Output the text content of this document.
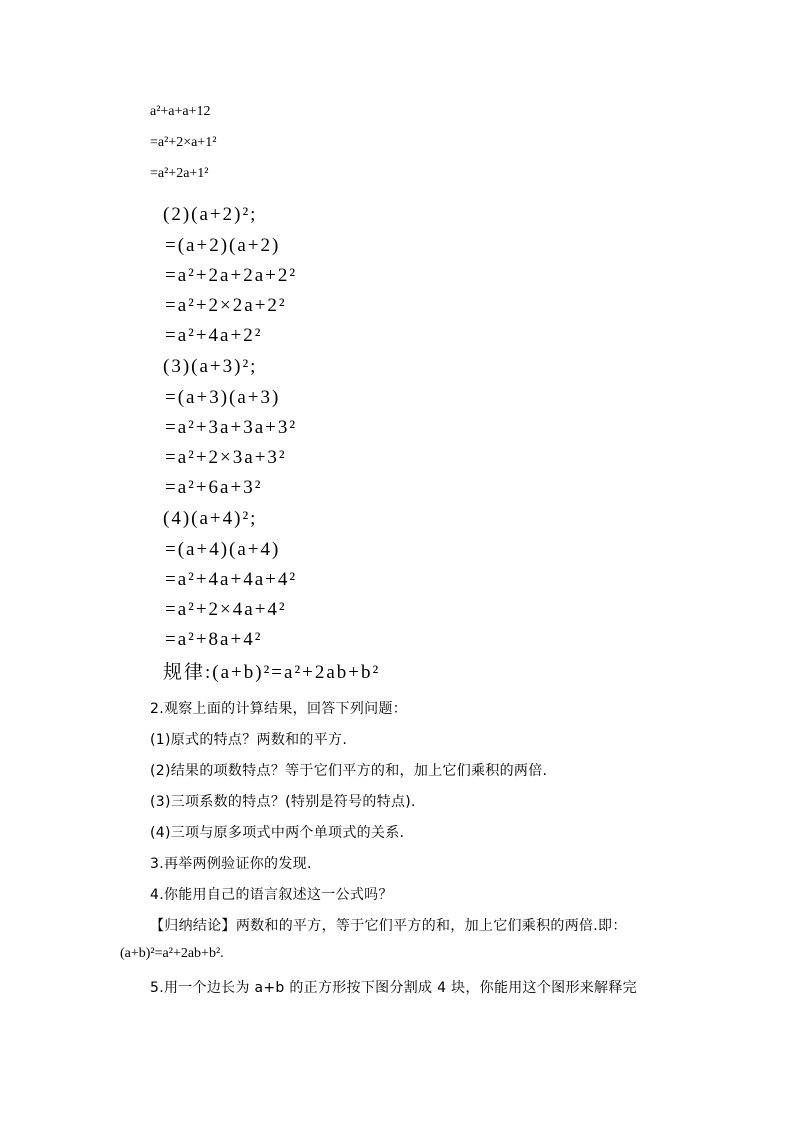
a²+a+a+12
=a²+2×a+1²
=a²+2a+1²
(2)(a+2)²;
=(a+2)(a+2)
=a²+2a+2a+2²
=a²+2×2a+2²
=a²+4a+2²
(3)(a+3)²;
=(a+3)(a+3)
=a²+3a+3a+3²
=a²+2×3a+3²
=a²+6a+3²
(4)(a+4)²;
=(a+4)(a+4)
=a²+4a+4a+4²
=a²+2×4a+4²
=a²+8a+4²
规律:(a+b)²=a²+2ab+b²
2.观察上面的计算结果，回答下列问题：
(1)原式的特点？两数和的平方.
(2)结果的项数特点？等于它们平方的和，加上它们乘积的两倍.
(3)三项系数的特点？(特别是符号的特点).
(4)三项与原多项式中两个单项式的关系.
3.再举两例验证你的发现.
4.你能用自己的语言叙述这一公式吗？
【归纳结论】两数和的平方，等于它们平方的和，加上它们乘积的两倍.即：
(a+b)²=a²+2ab+b².
5.用一个边长为 a+b 的正方形按下图分割成 4 块，你能用这个图形来解释完
